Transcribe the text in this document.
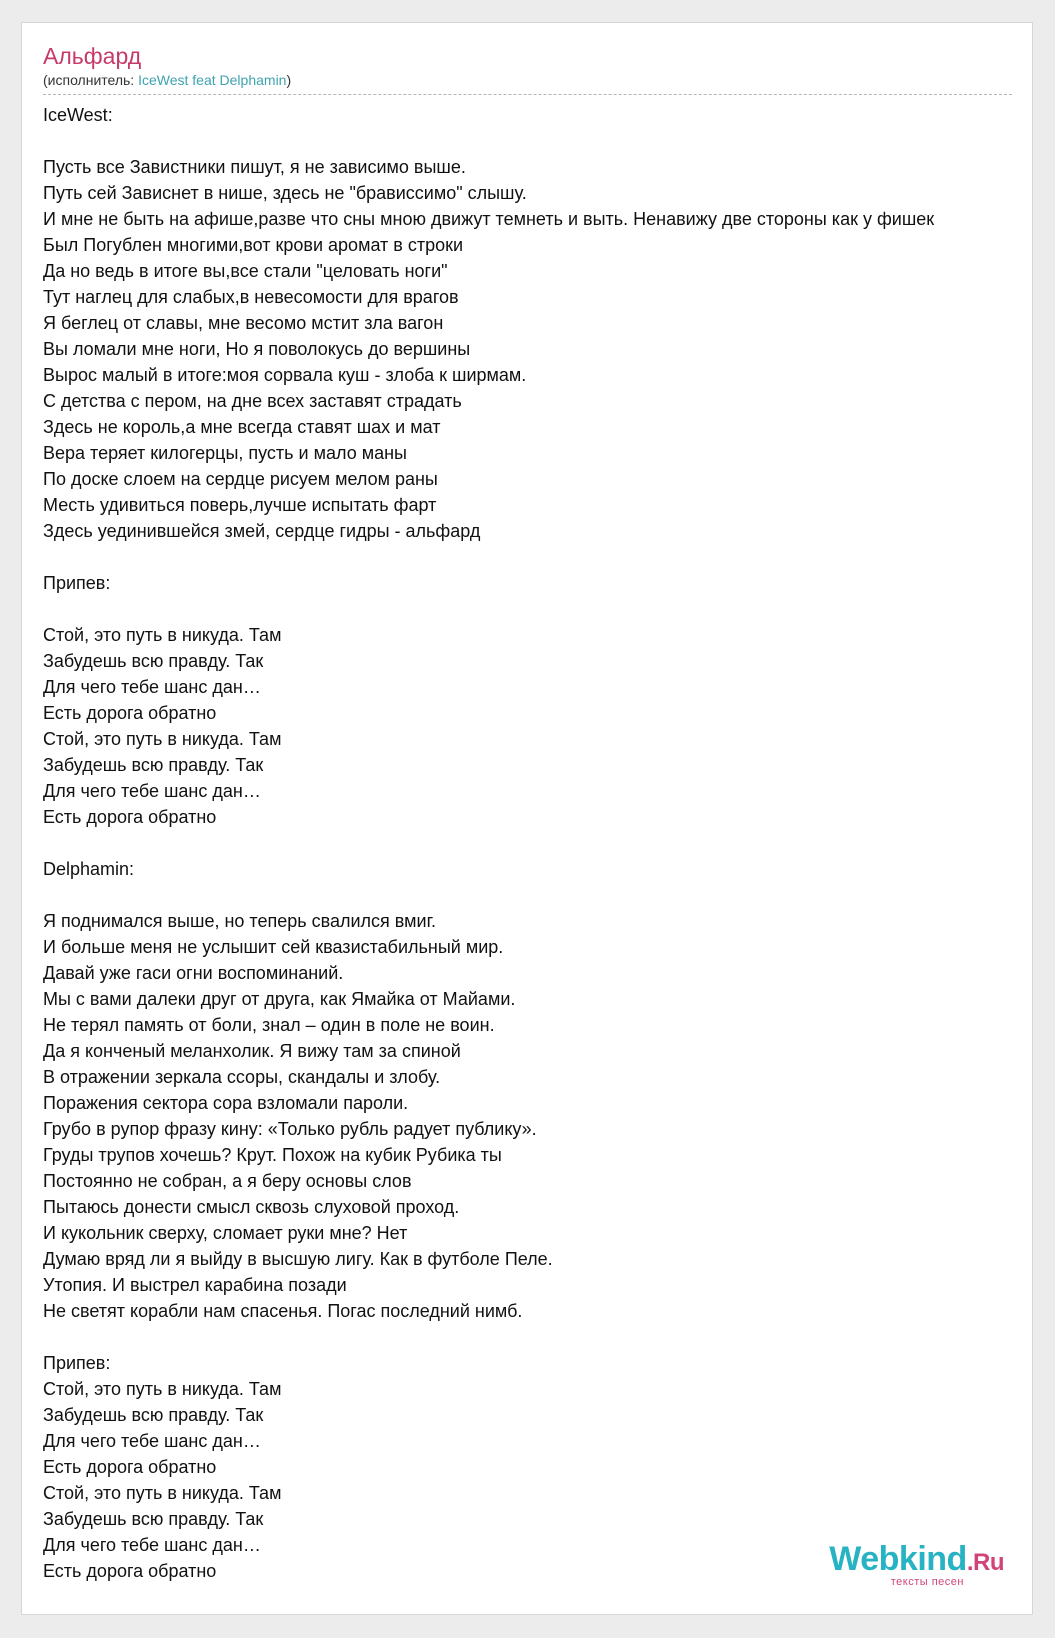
Альфард
(исполнитель: IceWest feat Delphamin)
IceWest:
Пусть все Завистники пишут, я не зависимо выше.
Путь сей Зависнет в нише, здесь не "брависсимо" слышу.
И мне не быть на афише,разве что сны мною движут темнеть и выть. Ненавижу две стороны как у фишек
Был Погублен многими,вот крови аромат в строки
Да но ведь в итоге вы,все стали "целовать ноги"
Тут наглец для слабых,в невесомости для врагов
Я беглец от славы, мне весомо мстит зла вагон
Вы ломали мне ноги, Но я поволокусь до вершины
Вырос малый в итоге:моя сорвала куш - злоба к ширмам.
С детства с пером, на дне всех заставят страдать
Здесь не король,а мне всегда ставят шах и мат
Вера теряет килогерцы, пусть и мало маны
По доске слоем на сердце рисуем мелом раны
Месть удивиться поверь,лучше испытать фарт
Здесь уединившейся змей, сердце гидры - альфард
Припев:
Стой, это путь в никуда. Там
Забудешь всю правду. Так
Для чего тебе шанс дан…
Есть дорога обратно
Стой, это путь в никуда. Там
Забудешь всю правду. Так
Для чего тебе шанс дан…
Есть дорога обратно
Delphamin:
Я поднимался выше, но теперь свалился вмиг.
И больше меня не услышит сей квазистабильный мир.
Давай уже гаси огни воспоминаний.
Мы с вами далеки друг от друга, как Ямайка от Майами.
Не терял память от боли, знал – один в поле не воин.
Да я конченый меланхолик. Я вижу там за спиной
В отражении зеркала ссоры, скандалы и злобу.
Поражения сектора сора взломали пароли.
Грубо в рупор фразу кину: «Только рубль радует публику».
Груды трупов хочешь? Крут. Похож на кубик Рубика ты
Постоянно не собран, а я беру основы слов
Пытаюсь донести смысл сквозь слуховой проход.
И кукольник сверху, сломает руки мне? Нет
Думаю вряд ли я выйду в высшую лигу. Как в футболе Пеле.
Утопия. И выстрел карабина позади
Не светят корабли нам спасенья. Погас последний нимб.
Припев:
Стой, это путь в никуда. Там
Забудешь всю правду. Так
Для чего тебе шанс дан…
Есть дорога обратно
Стой, это путь в никуда. Там
Забудешь всю правду. Так
Для чего тебе шанс дан…
Есть дорога обратно	Webkind.Ru
тексты песен
